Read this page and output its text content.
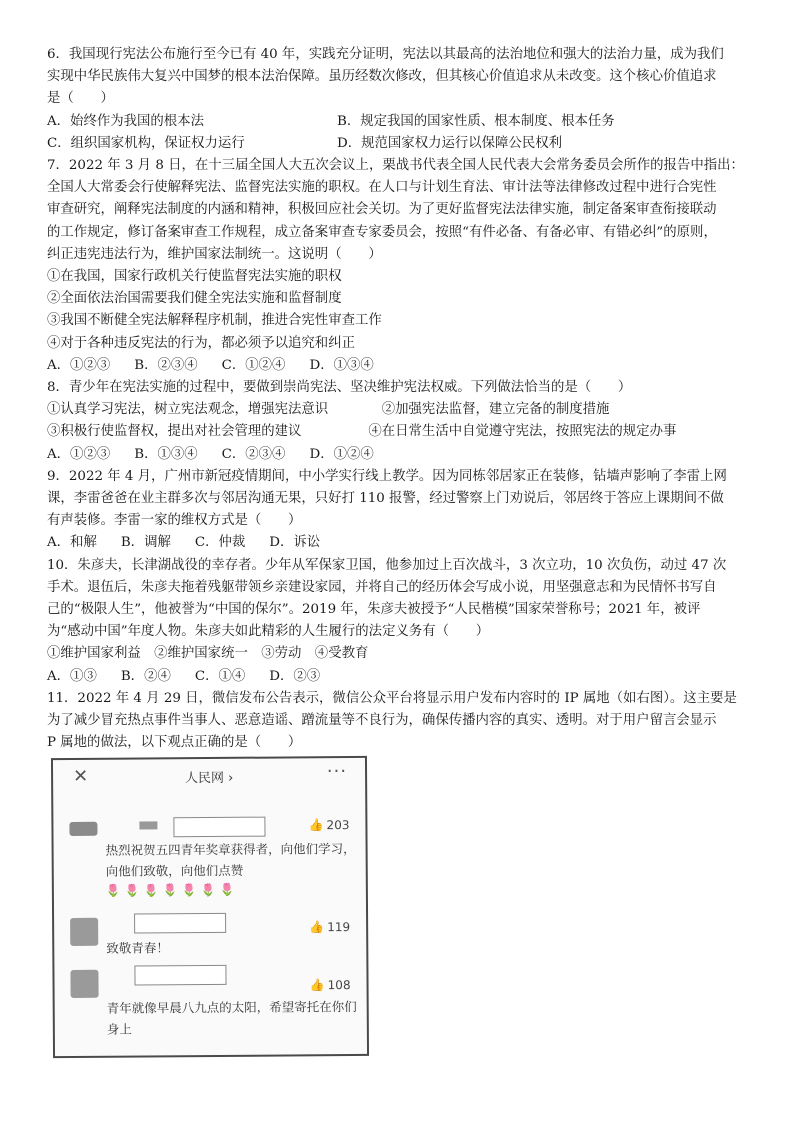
6．我国现行宪法公布施行至今已有 40 年，实践充分证明，宪法以其最高的法治地位和强大的法治力量，成为我们
实现中华民族伟大复兴中国梦的根本法治保障。虽历经数次修改，但其核心价值追求从未改变。这个核心价值追求
是（　　）
A．始终作为我国的根本法	B．规定我国的国家性质、根本制度、根本任务
C．组织国家机构，保证权力运行	D．规范国家权力运行以保障公民权利
7．2022 年 3 月 8 日，在十三届全国人大五次会议上，栗战书代表全国人民代表大会常务委员会所作的报告中指出：
全国人大常委会行使解释宪法、监督宪法实施的职权。在人口与计划生育法、审计法等法律修改过程中进行合宪性
审查研究，阐释宪法制度的内涵和精神，积极回应社会关切。为了更好监督宪法法律实施，制定备案审查衔接联动
的工作规定，修订备案审查工作规程，成立备案审查专家委员会，按照“有件必备、有备必审、有错必纠”的原则，
纠正违宪违法行为，维护国家法制统一。这说明（　　）
①在我国，国家行政机关行使监督宪法实施的职权
②全面依法治国需要我们健全宪法实施和监督制度
③我国不断健全宪法解释程序机制，推进合宪性审查工作
④对于各种违反宪法的行为，都必须予以追究和纠正
A．①②③ B．②③④ C．①②④ D．①③④
8．青少年在宪法实施的过程中，要做到崇尚宪法、坚决维护宪法权威。下列做法恰当的是（　　）
①认真学习宪法，树立宪法观念，增强宪法意识　　　　②加强宪法监督，建立完备的制度措施
③积极行使监督权，提出对社会管理的建议　　　　　④在日常生活中自觉遵守宪法，按照宪法的规定办事
A．①②③ B．①③④ C．②③④ D．①②④
9．2022 年 4 月，广州市新冠疫情期间，中小学实行线上教学。因为同栋邻居家正在装修，钻墙声影响了李雷上网
课，李雷爸爸在业主群多次与邻居沟通无果，只好打 110 报警，经过警察上门劝说后，邻居终于答应上课期间不做
有声装修。李雷一家的维权方式是（　　）
A．和解 B．调解 C．仲裁 D．诉讼
10．朱彦夫，长津湖战役的幸存者。少年从军保家卫国，他参加过上百次战斗，3 次立功，10 次负伤，动过 47 次
手术。退伍后，朱彦夫拖着残躯带领乡亲建设家园，并将自己的经历体会写成小说，用坚强意志和为民情怀书写自
己的“极限人生”，他被誉为“中国的保尔”。2019 年，朱彦夫被授予“人民楷模”国家荣誉称号；2021 年，被评
为“感动中国”年度人物。朱彦夫如此精彩的人生履行的法定义务有（　　）
①维护国家利益　②维护国家统一　③劳动　④受教育
A．①③ B．②④ C．①④ D．②③
11．2022 年 4 月 29 日，微信发布公告表示，微信公众平台将显示用户发布内容时的 IP 属地（如右图）。这主要是
为了减少冒充热点事件当事人、恶意造谣、蹭流量等不良行为，确保传播内容的真实、透明。对于用户留言会显示
P 属地的做法，以下观点正确的是（　　）
✕	人民网 ›	···
👍 203
热烈祝贺五四青年奖章获得者，向他们学习，向他们致敬，向他们点赞
🌷🌷🌷🌷🌷🌷🌷
👍 119
致敬青春！
👍 108
青年就像早晨八九点的太阳，希望寄托在你们身上
